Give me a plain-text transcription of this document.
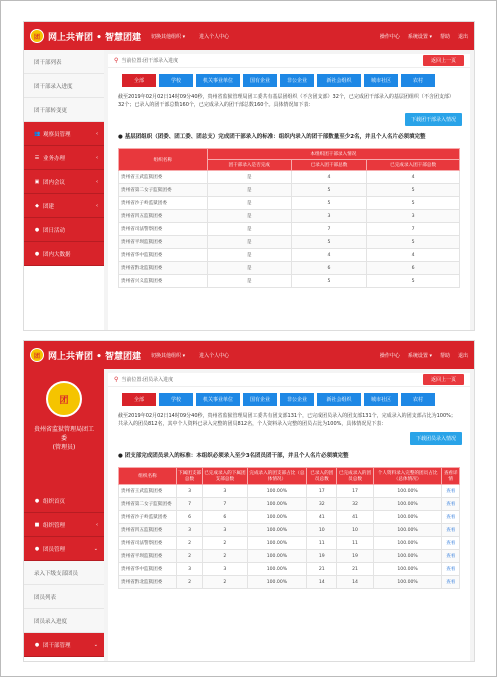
团 网上共青团 • 智慧团建 切换其他组织 ▾	进入个人中心	操作中心 系统设置 ▾ 帮助 退出
团干部列表
团干部录入进度
团干部转变更
👥 观察员管理	‹
☰ 业务办理	‹
▣ 团内会议	‹
◆ 团建	‹
● 团日活动
● 团内大数据
⚲ 当前位置:团干部录入进度	返回上一页
全部	学校	机关事业单位	国有企业	非公企业	新社会组织	城市社区	农村
截至2019年02月02日14时09分40秒，贵州省监狱管理局团工委共有基层团组织（不含团支部）32个，已完成团干部录入的基层团组织（不含团支部）32个；已录入的团干部总数160个，已完成录入的团干部总数160个。具体情况如下表：
下载团干部录入情况
● 基层团组织（团委、团工委、团总支）完成团干部录入的标准：组织内录入的团干部数量至少2名，并且个人名片必须填完整
组织名称	本组织团干部录入情况		
	团干部录入是否完成	已录入团干部总数	已完成录入团干部总数
贵州省王武监狱团委	是	4	4
贵州省第二女子监狱团委	是	5	5
贵州省沙子岭监狱团委	是	5	5
贵州省凹五监狱团委	是	3	3
贵州省司法警察团委	是	7	7
贵州省平坝监狱团委	是	5	5
贵州省华中监狱团委	是	4	4
贵州省黔北监狱团委	是	6	6
贵州省兴义监狱团委	是	5	5
团 网上共青团 • 智慧团建 切换其他组织 ▾	进入个人中心	操作中心 系统设置 ▾ 帮助 退出
团
贵州省监狱管理局团工
委
(管理员)
● 组织首页
■ 组织管理	‹
● 团员管理	⌄
录入下级支部团员
团员列表
团员录入进度
● 团干部管理	⌄
⚲ 当前位置:团员录入进度	返回上一页
全部	学校	机关事业单位	国有企业	非公企业	新社会组织	城市社区	农村
截至2019年02月02日14时09分40秒，贵州省监狱管理局团工委共有团支部131个，已完成团员录入的团支部131个，完成录入的团支部占比为100%；共录入的团员812名，其中个人资料已录入完整的团员812名，个人资料录入完整的团员占比为100%，具体情况见下表：
下载团员录入情况
● 团支部完成团员录入的标准：本组织必须录入至少3名团员团干部，并且个人名片必须填完整
组织名称	下属团支部总数	已完成录入的下属团支部总数	完成录入的团支部占比（总体情况）	已录入的团员总数	已完成录入的团员总数	个人资料录入完整的团员占比（总体情况）	查看详情
贵州省王武监狱团委	3	3	100.00%	17	17	100.00%	查看
贵州省第二女子监狱团委	7	7	100.00%	32	32	100.00%	查看
贵州省沙子岭监狱团委	6	6	100.00%	41	41	100.00%	查看
贵州省凹五监狱团委	3	3	100.00%	10	10	100.00%	查看
贵州省司法警察团委	2	2	100.00%	11	11	100.00%	查看
贵州省平坝监狱团委	2	2	100.00%	19	19	100.00%	查看
贵州省华中监狱团委	3	3	100.00%	21	21	100.00%	查看
贵州省黔北监狱团委	2	2	100.00%	14	14	100.00%	查看
